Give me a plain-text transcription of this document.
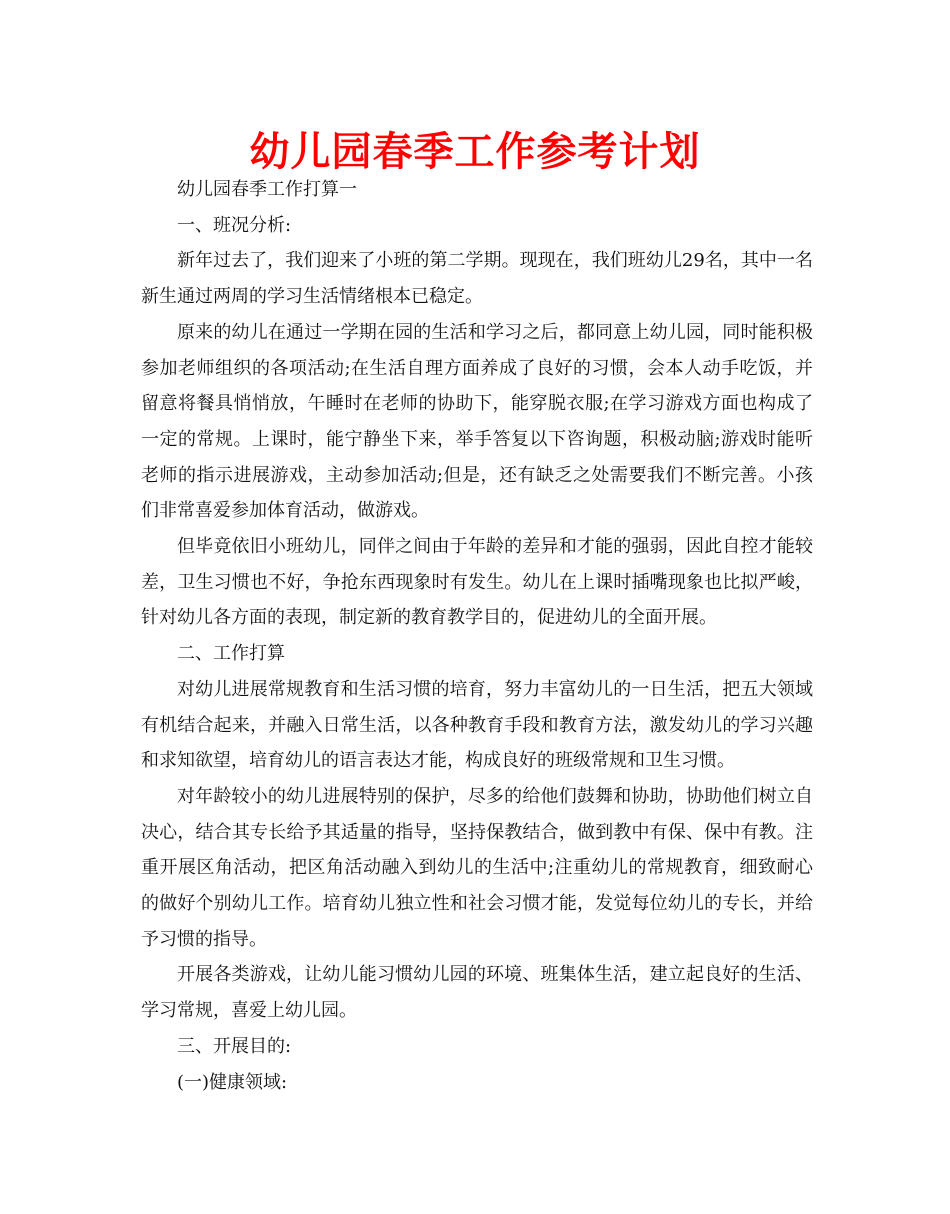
幼儿园春季工作参考计划

幼儿园春季工作打算一

一、班况分析:

新年过去了，我们迎来了小班的第二学期。现现在，我们班幼儿29名，其中一名新生通过两周的学习生活情绪根本已稳定。

原来的幼儿在通过一学期在园的生活和学习之后，都同意上幼儿园，同时能积极参加老师组织的各项活动;在生活自理方面养成了良好的习惯，会本人动手吃饭，并留意将餐具悄悄放，午睡时在老师的协助下，能穿脱衣服;在学习游戏方面也构成了一定的常规。上课时，能宁静坐下来，举手答复以下咨询题，积极动脑;游戏时能听老师的指示进展游戏，主动参加活动;但是，还有缺乏之处需要我们不断完善。小孩们非常喜爱参加体育活动，做游戏。

但毕竟依旧小班幼儿，同伴之间由于年龄的差异和才能的强弱，因此自控才能较差，卫生习惯也不好，争抢东西现象时有发生。幼儿在上课时插嘴现象也比拟严峻，针对幼儿各方面的表现，制定新的教育教学目的，促进幼儿的全面开展。

二、工作打算

对幼儿进展常规教育和生活习惯的培育，努力丰富幼儿的一日生活，把五大领域有机结合起来，并融入日常生活，以各种教育手段和教育方法，激发幼儿的学习兴趣和求知欲望，培育幼儿的语言表达才能，构成良好的班级常规和卫生习惯。

对年龄较小的幼儿进展特别的保护，尽多的给他们鼓舞和协助，协助他们树立自决心，结合其专长给予其适量的指导，坚持保教结合，做到教中有保、保中有教。注重开展区角活动，把区角活动融入到幼儿的生活中;注重幼儿的常规教育，细致耐心的做好个别幼儿工作。培育幼儿独立性和社会习惯才能，发觉每位幼儿的专长，并给予习惯的指导。

开展各类游戏，让幼儿能习惯幼儿园的环境、班集体生活，建立起良好的生活、学习常规，喜爱上幼儿园。

三、开展目的:

(一)健康领域:
